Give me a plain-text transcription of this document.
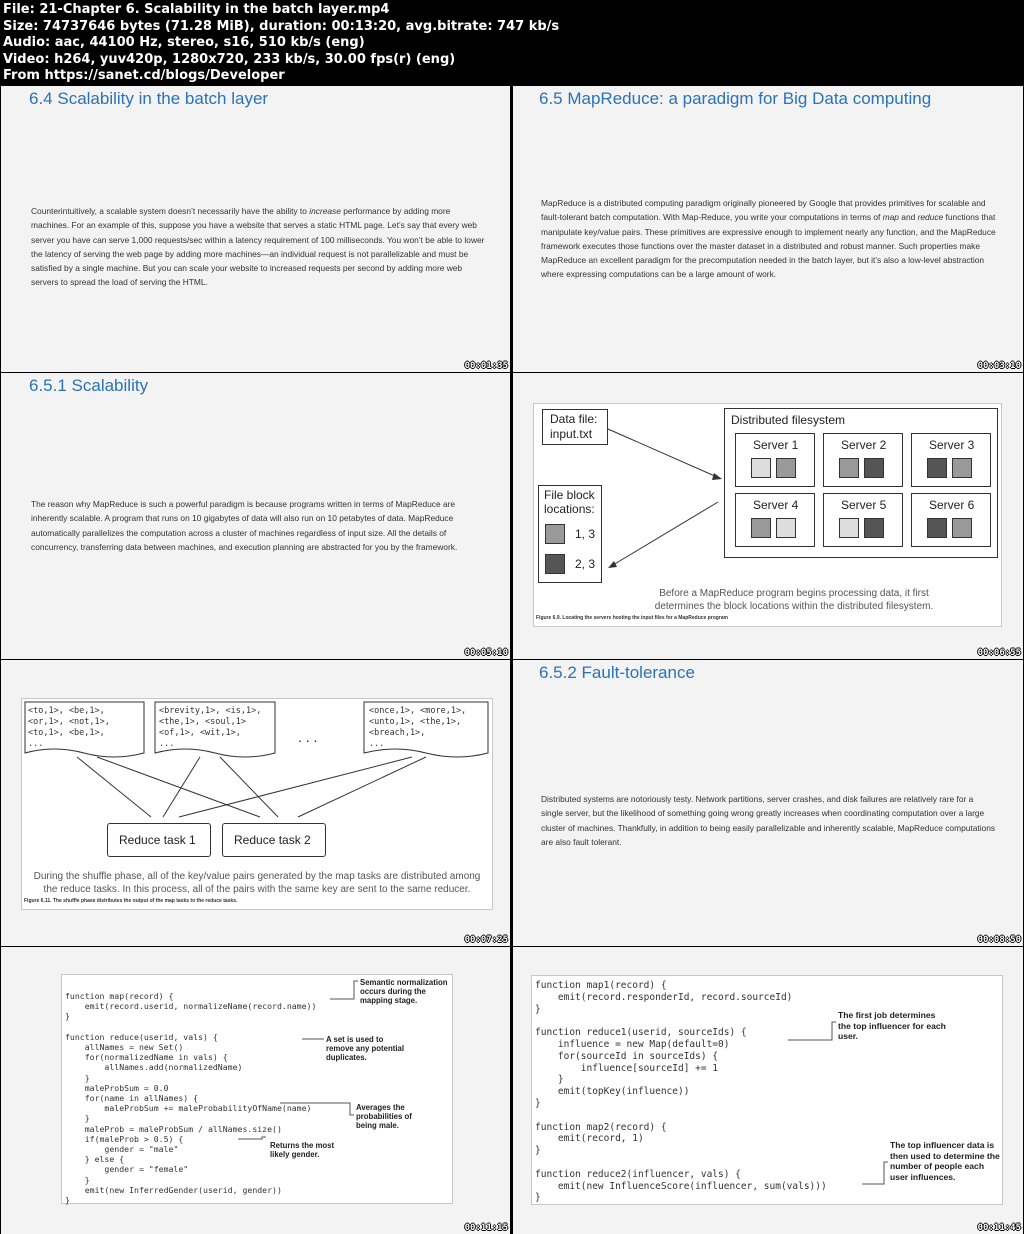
File: 21-Chapter 6. Scalability in the batch layer.mp4
Size: 74737646 bytes (71.28 MiB), duration: 00:13:20, avg.bitrate: 747 kb/s
Audio: aac, 44100 Hz, stereo, s16, 510 kb/s (eng)
Video: h264, yuv420p, 1280x720, 233 kb/s, 30.00 fps(r) (eng)
From https://sanet.cd/blogs/Developer
6.4 Scalability in the batch layer
Counterintuitively, a scalable system doesn’t necessarily have the ability to increase performance by adding more machines. For an example of this, suppose you have a website that serves a static HTML page. Let’s say that every web server you have can serve 1,000 requests/sec within a latency requirement of 100 milliseconds. You won’t be able to lower the latency of serving the web page by adding more machines—an individual request is not parallelizable and must be satisfied by a single machine. But you can scale your website to increased requests per second by adding more web servers to spread the load of serving the HTML.
00:01:35
6.5 MapReduce: a paradigm for Big Data computing
MapReduce is a distributed computing paradigm originally pioneered by Google that provides primitives for scalable and fault-tolerant batch computation. With Map-Reduce, you write your computations in terms of map and reduce functions that manipulate key/value pairs. These primitives are expressive enough to implement nearly any function, and the MapReduce framework executes those functions over the master dataset in a distributed and robust manner. Such properties make MapReduce an excellent paradigm for the precomputation needed in the batch layer, but it’s also a low-level abstraction where expressing computations can be a large amount of work.
00:03:10
6.5.1 Scalability
The reason why MapReduce is such a powerful paradigm is because programs written in terms of MapReduce are inherently scalable. A program that runs on 10 gigabytes of data will also run on 10 petabytes of data. MapReduce automatically parallelizes the computation across a cluster of machines regardless of input size. All the details of concurrency, transferring data between machines, and execution planning are abstracted for you by the framework.
00:05:10
Data file:
input.txt
Distributed filesystem
File block
locations:
1, 3
2, 3
Before a MapReduce program begins processing data, it first
determines the block locations within the distributed filesystem.
Figure 6.9. Locating the servers hosting the input files for a MapReduce program
Server 1	Server 2	Server 3
Server 4	Server 5	Server 6
00:06:55
<to,1>, <be,1>,
<or,1>, <not,1>,
<to,1>, <be,1>,
...
<brevity,1>, <is,1>,
<the,1>, <soul,1>
<of,1>, <wit,1>,
...
<once,1>, <more,1>,
<unto,1>, <the,1>,
<breach,1>,
...
. . .
Reduce task 1	Reduce task 2
During the shuffle phase, all of the key/value pairs generated by the map tasks are distributed among
the reduce tasks. In this process, all of the pairs with the same key are sent to the same reducer.
Figure 6.11. The shuffle phase distributes the output of the map tasks to the reduce tasks.
00:07:25
6.5.2 Fault-tolerance
Distributed systems are notoriously testy. Network partitions, server crashes, and disk failures are relatively rare for a single server, but the likelihood of something going wrong greatly increases when coordinating computation over a large cluster of machines. Thankfully, in addition to being easily parallelizable and inherently scalable, MapReduce computations are also fault tolerant.
00:08:50
function map(record) {
emit(record.userid, normalizeName(record.name))
}

function reduce(userid, vals) {
allNames = new Set()
for(normalizedName in vals) {
allNames.add(normalizedName)
}
maleProbSum = 0.0
for(name in allNames) {
maleProbSum += maleProbabilityOfName(name)
}
maleProb = maleProbSum / allNames.size()
if(maleProb > 0.5) {
gender = "male"
} else {
gender = "female"
}
emit(new InferredGender(userid, gender))
}
Semantic normalization occurs during the mapping stage.
A set is used to remove any potential duplicates.
Averages the probabilities of being male.
Returns the most likely gender.
00:11:15
function map1(record) {
emit(record.responderId, record.sourceId)
}

function reduce1(userid, sourceIds) {
influence = new Map(default=0)
for(sourceId in sourceIds) {
influence[sourceId] += 1
}
emit(topKey(influence))
}

function map2(record) {
emit(record, 1)
}

function reduce2(influencer, vals) {
emit(new InfluenceScore(influencer, sum(vals)))
}
The first job determines the top influencer for each user.
The top influencer data is then used to determine the number of people each user influences.
00:11:45
